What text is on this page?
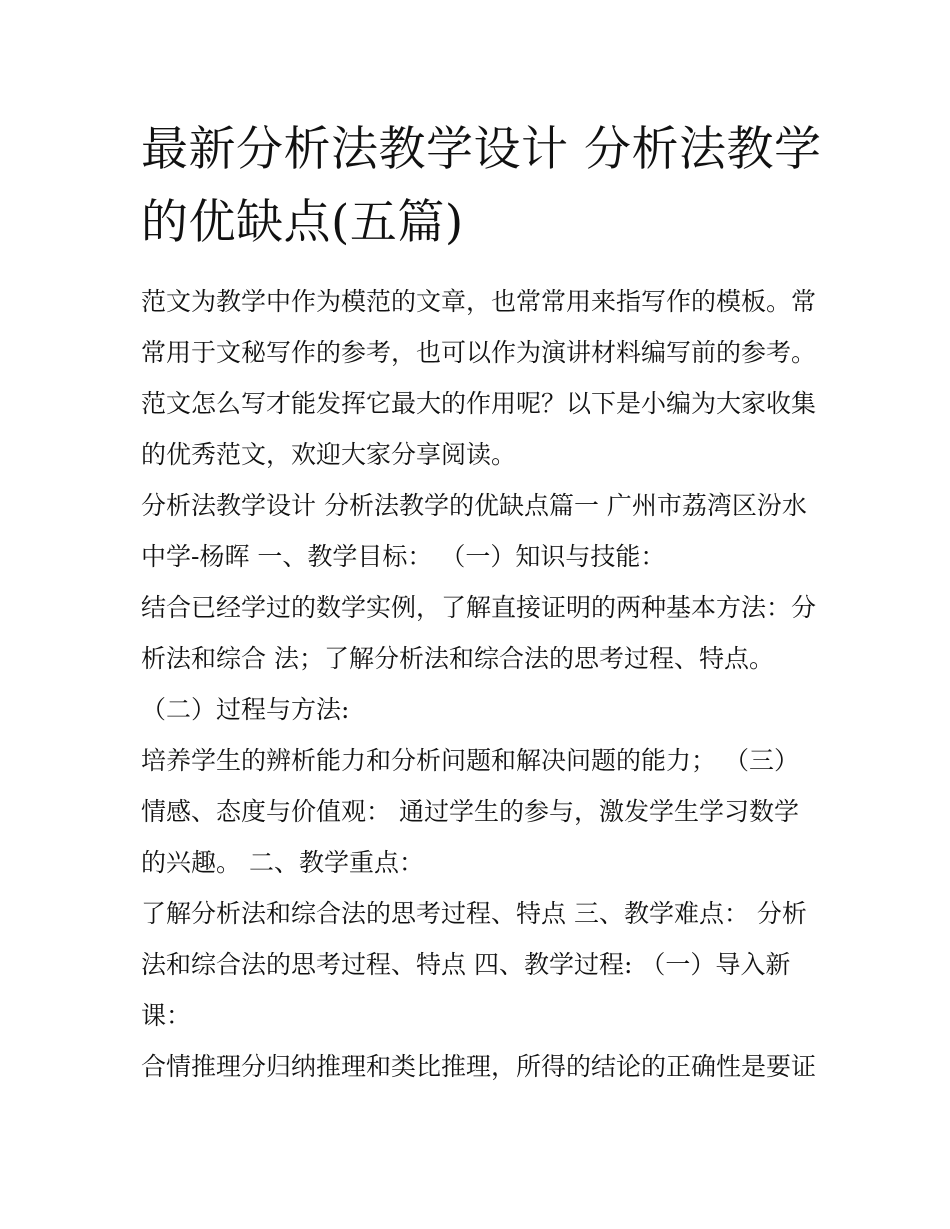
最新分析法教学设计 分析法教学的优缺点(五篇)
范文为教学中作为模范的文章，也常常用来指写作的模板。常
常用于文秘写作的参考，也可以作为演讲材料编写前的参考。
范文怎么写才能发挥它最大的作用呢？以下是小编为大家收集
的优秀范文，欢迎大家分享阅读。
分析法教学设计 分析法教学的优缺点篇一 广州市荔湾区汾水
中学-杨晖 一、教学目标： （一）知识与技能：
结合已经学过的数学实例，了解直接证明的两种基本方法：分
析法和综合 法；了解分析法和综合法的思考过程、特点。
（二）过程与方法:
培养学生的辨析能力和分析问题和解决问题的能力； （三）
情感、态度与价值观： 通过学生的参与，激发学生学习数学
的兴趣。 二、教学重点：
了解分析法和综合法的思考过程、特点 三、教学难点： 分析
法和综合法的思考过程、特点 四、教学过程: （一）导入新
课：
合情推理分归纳推理和类比推理，所得的结论的正确性是要证
